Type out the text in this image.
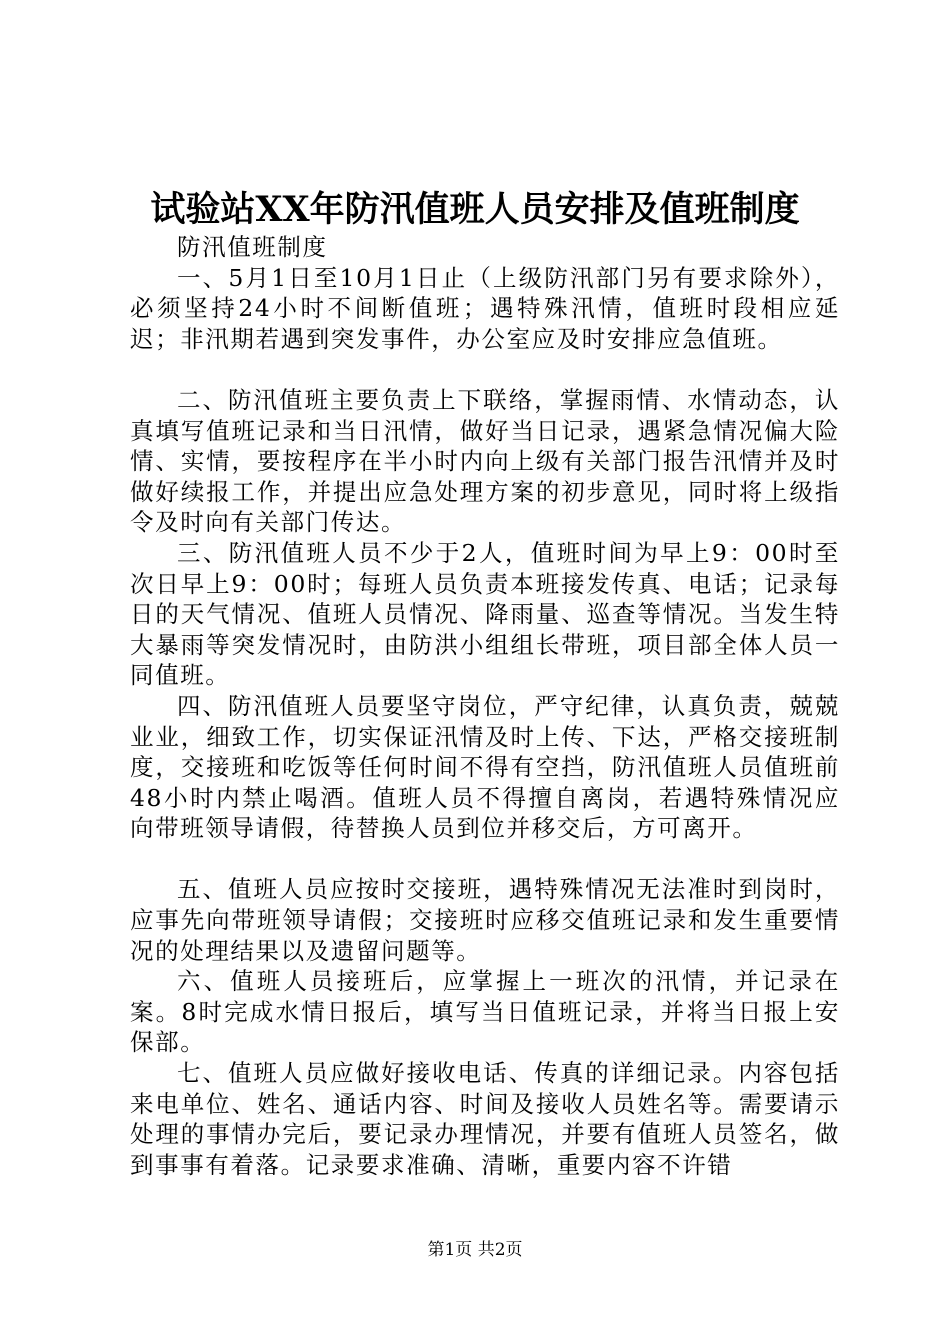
试验站XX年防汛值班人员安排及值班制度

防汛值班制度

一、5月1日至10月1日止（上级防汛部门另有要求除外），必须坚持24小时不间断值班；遇特殊汛情，值班时段相应延迟；非汛期若遇到突发事件，办公室应及时安排应急值班。

二、防汛值班主要负责上下联络，掌握雨情、水情动态，认真填写值班记录和当日汛情，做好当日记录，遇紧急情况偏大险情、实情，要按程序在半小时内向上级有关部门报告汛情并及时做好续报工作，并提出应急处理方案的初步意见，同时将上级指令及时向有关部门传达。

三、防汛值班人员不少于2人，值班时间为早上9：00时至次日早上9：00时；每班人员负责本班接发传真、电话；记录每日的天气情况、值班人员情况、降雨量、巡查等情况。当发生特大暴雨等突发情况时，由防洪小组组长带班，项目部全体人员一同值班。

四、防汛值班人员要坚守岗位，严守纪律，认真负责，兢兢业业，细致工作，切实保证汛情及时上传、下达，严格交接班制度，交接班和吃饭等任何时间不得有空挡，防汛值班人员值班前48小时内禁止喝酒。值班人员不得擅自离岗，若遇特殊情况应向带班领导请假，待替换人员到位并移交后，方可离开。

五、值班人员应按时交接班，遇特殊情况无法准时到岗时，应事先向带班领导请假；交接班时应移交值班记录和发生重要情况的处理结果以及遗留问题等。

六、值班人员接班后，应掌握上一班次的汛情，并记录在案。8时完成水情日报后，填写当日值班记录，并将当日报上安保部。

七、值班人员应做好接收电话、传真的详细记录。内容包括来电单位、姓名、通话内容、时间及接收人员姓名等。需要请示处理的事情办完后，要记录办理情况，并要有值班人员签名，做到事事有着落。记录要求准确、清晰，重要内容不许错

第1页 共2页
